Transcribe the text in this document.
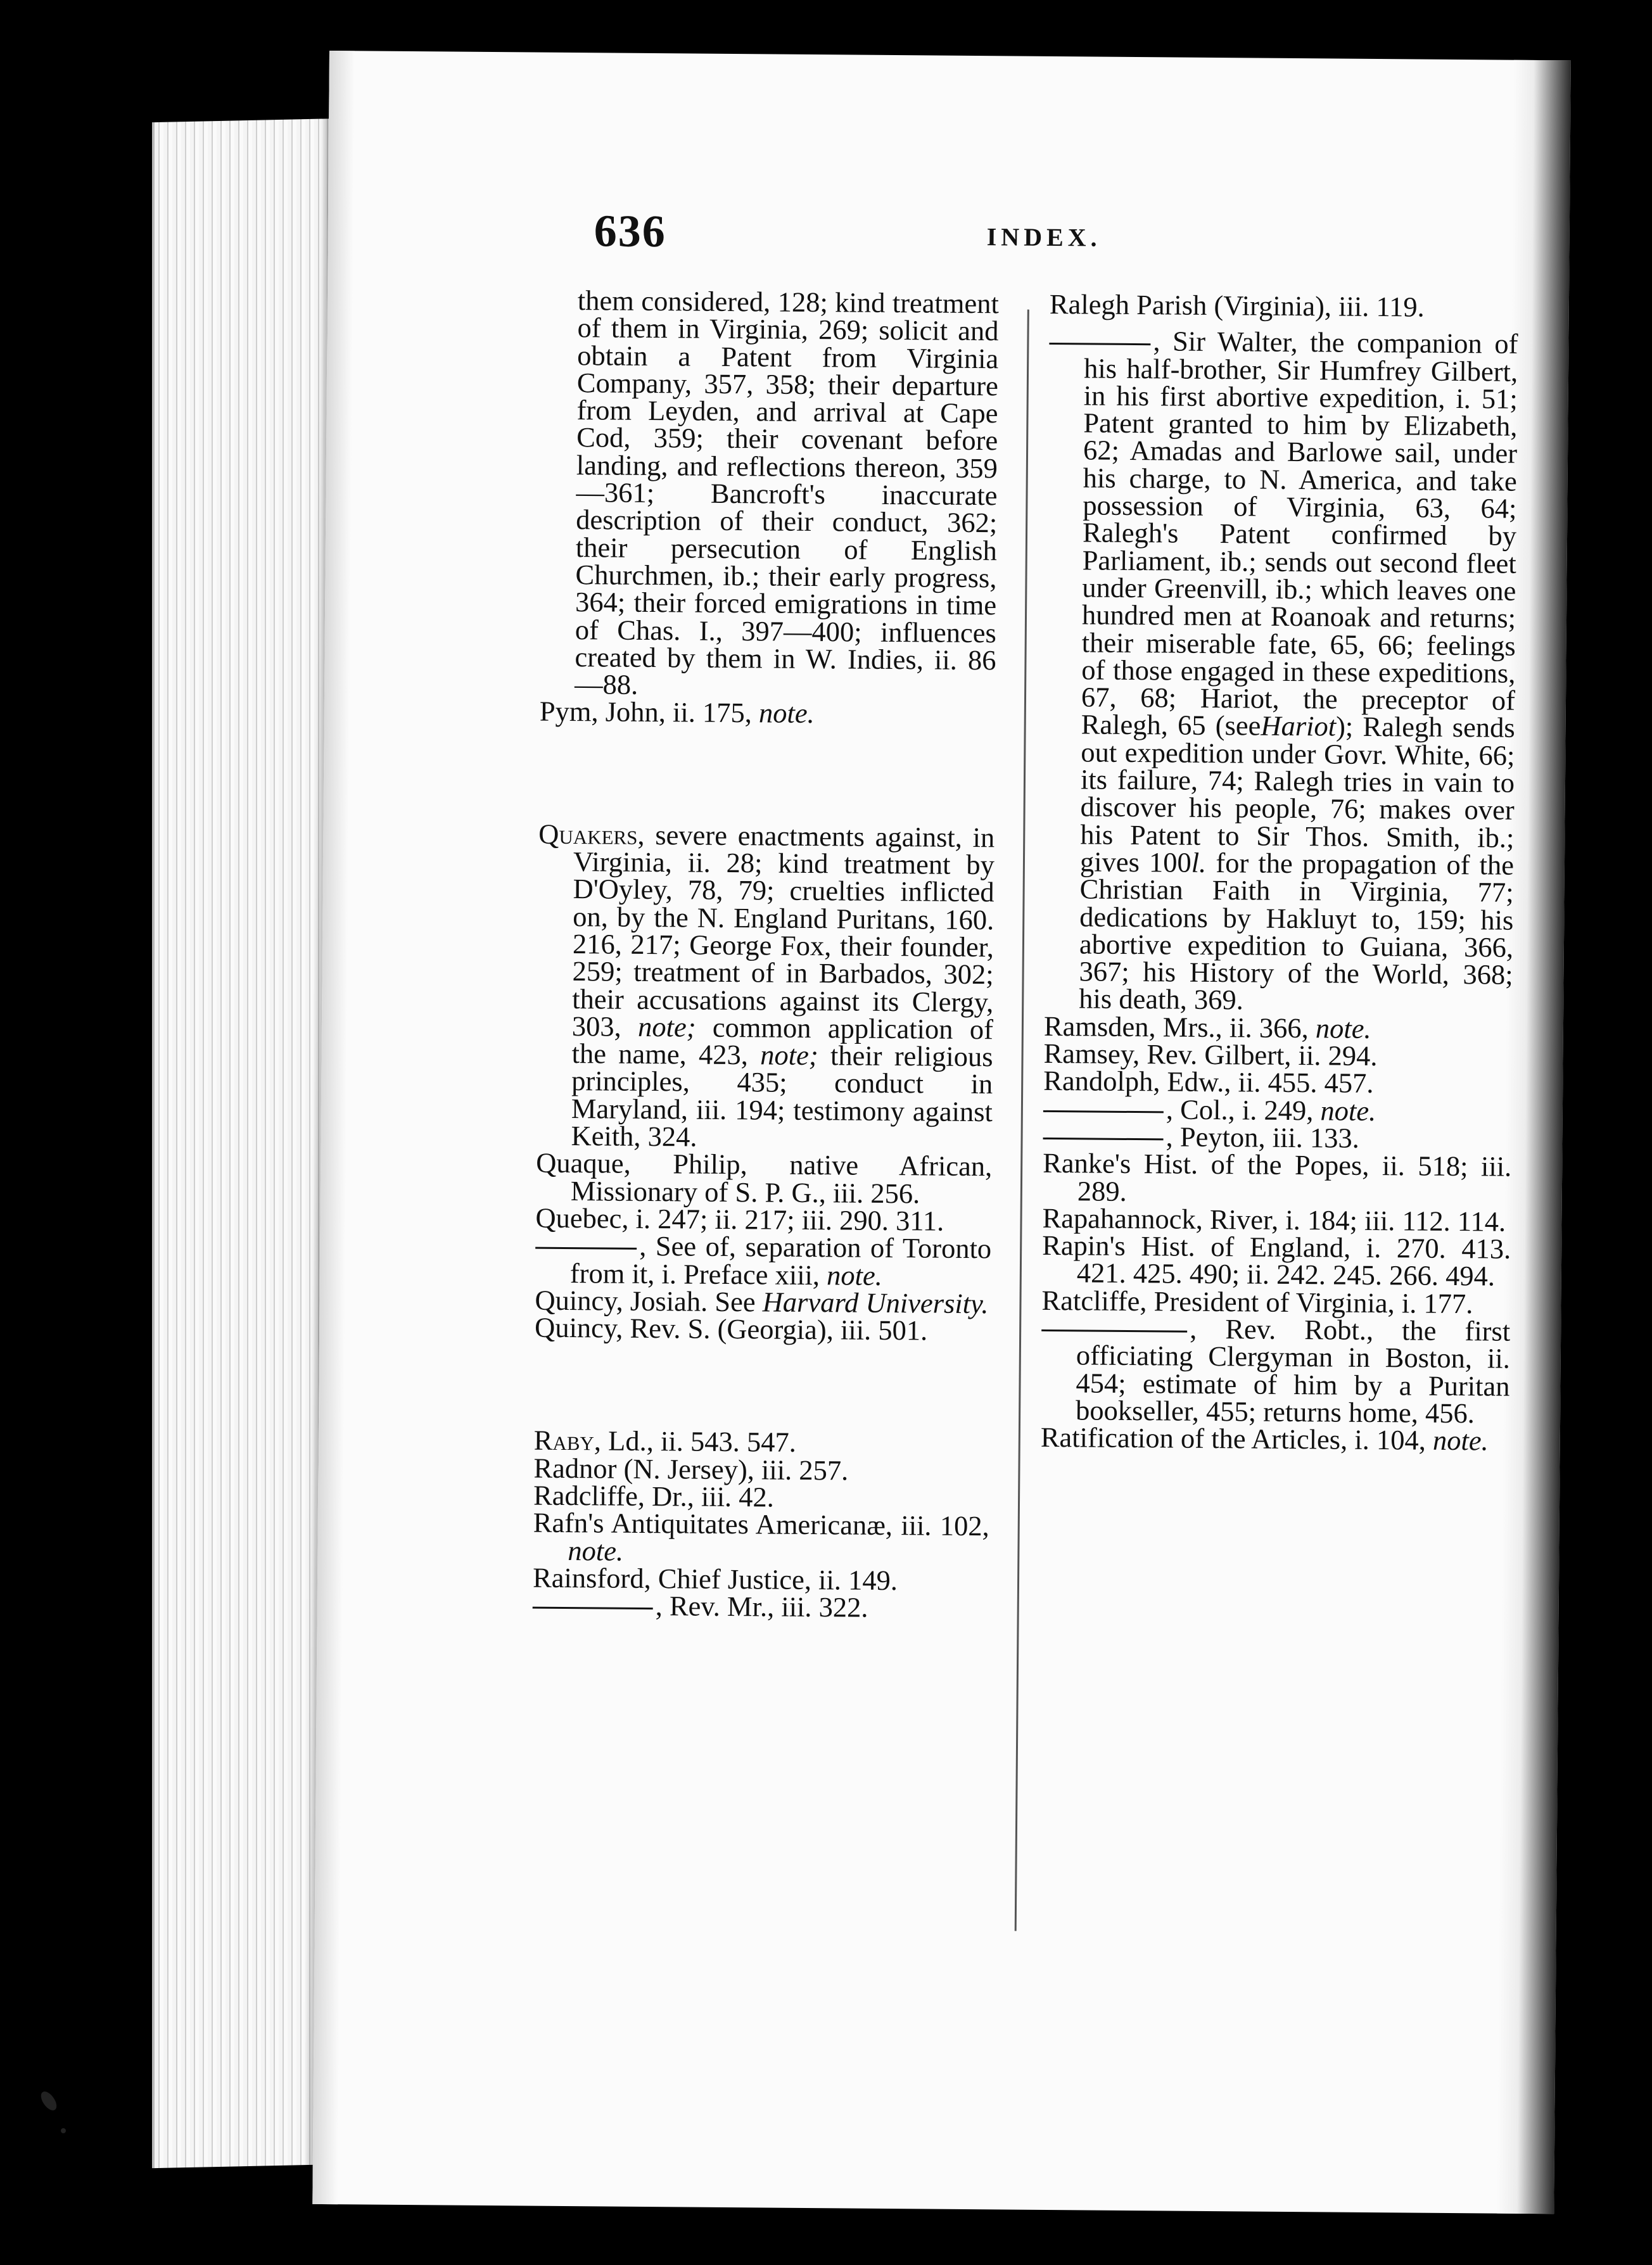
636	INDEX.

them considered, 128; kind treatment of them in Virginia, 269; solicit and obtain a Patent from Virginia Company, 357, 358; their departure from Leyden, and arrival at Cape Cod, 359; their covenant before landing, and reflections thereon, 359—361; Bancroft's inaccurate description of their conduct, 362; their persecution of English Churchmen, ib.; their early progress, 364; their forced emigrations in time of Chas. I., 397—400; influences created by them in W. Indies, ii. 86—88.

Pym, John, ii. 175, note.

Quakers, severe enactments against, in Virginia, ii. 28; kind treatment by D'Oyley, 78, 79; cruelties inflicted on, by the N. England Puritans, 160. 216, 217; George Fox, their founder, 259; treatment of in Barbados, 302; their accusations against its Clergy, 303, note; common application of the name, 423, note; their religious principles, 435; conduct in Maryland, iii. 194; testimony against Keith, 324.

Quaque, Philip, native African, Missionary of S. P. G., iii. 256.

Quebec, i. 247; ii. 217; iii. 290. 311.

, See of, separation of Toronto from it, i. Preface xiii, note.

Quincy, Josiah. See Harvard University.

Quincy, Rev. S. (Georgia), iii. 501.

Raby, Ld., ii. 543. 547.

Radnor (N. Jersey), iii. 257.

Radcliffe, Dr., iii. 42.

Rafn's Antiquitates Americanæ, iii. 102, note.

Rainsford, Chief Justice, ii. 149.

, Rev. Mr., iii. 322.

Ralegh Parish (Virginia), iii. 119.

, Sir Walter, the companion of his half-brother, Sir Humfrey Gilbert, in his first abortive expedition, i. 51; Patent granted to him by Elizabeth, 62; Amadas and Barlowe sail, under his charge, to N. America, and take possession of Virginia, 63, 64; Ralegh's Patent confirmed by Parliament, ib.; sends out second fleet under Greenvill, ib.; which leaves one hundred men at Roanoak and returns; their miserable fate, 65, 66; feelings of those engaged in these expeditions, 67, 68; Hariot, the preceptor of Ralegh, 65 (seeHariot); Ralegh sends out expedition under Govr. White, 66; its failure, 74; Ralegh tries in vain to discover his people, 76; makes over his Patent to Sir Thos. Smith, ib.; gives 100l. for the propagation of the Christian Faith in Virginia, 77; dedications by Hakluyt to, 159; his abortive expedition to Guiana, 366, 367; his History of the World, 368; his death, 369.

Ramsden, Mrs., ii. 366, note.

Ramsey, Rev. Gilbert, ii. 294.

Randolph, Edw., ii. 455. 457.

, Col., i. 249, note.

, Peyton, iii. 133.

Ranke's Hist. of the Popes, ii. 518; iii. 289.

Rapahannock, River, i. 184; iii. 112. 114.

Rapin's Hist. of England, i. 270. 413. 421. 425. 490; ii. 242. 245. 266. 494.

Ratcliffe, President of Virginia, i. 177.

, Rev. Robt., the first officiating Clergyman in Boston, ii. 454; estimate of him by a Puritan bookseller, 455; returns home, 456.

Ratification of the Articles, i. 104, note.
